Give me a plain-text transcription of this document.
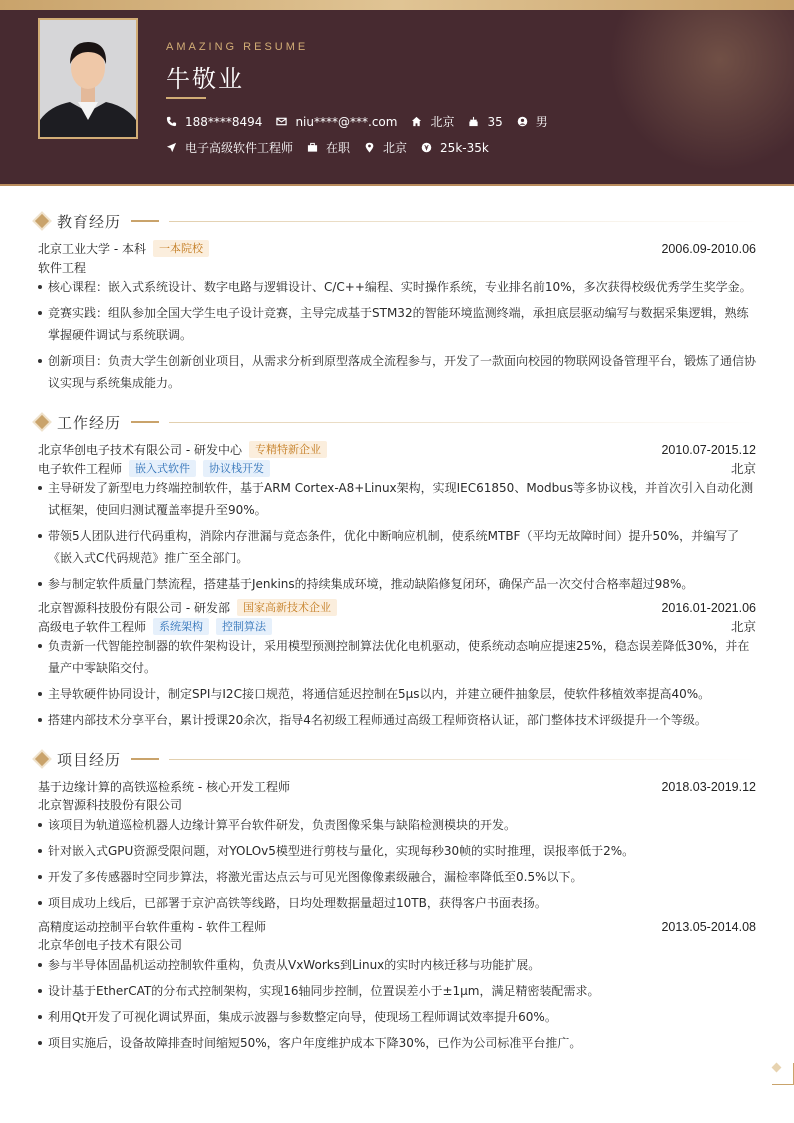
AMAZING RESUME
牛敬业
188****8494	niu****@***.com	北京	35	男
电子高级软件工程师	在职	北京	25k-35k
教育经历
北京工业大学 - 本科	一本院校	2006.09-2010.06
软件工程
核心课程：嵌入式系统设计、数字电路与逻辑设计、C/C++编程、实时操作系统，专业排名前10%，多次获得校级优秀学生奖学金。
竞赛实践：组队参加全国大学生电子设计竞赛，主导完成基于STM32的智能环境监测终端，承担底层驱动编写与数据采集逻辑，熟练掌握硬件调试与系统联调。
创新项目：负责大学生创新创业项目，从需求分析到原型落成全流程参与，开发了一款面向校园的物联网设备管理平台，锻炼了通信协议实现与系统集成能力。
工作经历
北京华创电子技术有限公司 - 研发中心	专精特新企业	2010.07-2015.12
电子软件工程师	嵌入式软件	协议栈开发	北京
主导研发了新型电力终端控制软件，基于ARM Cortex-A8+Linux架构，实现IEC61850、Modbus等多协议栈，并首次引入自动化测试框架，使回归测试覆盖率提升至90%。
带领5人团队进行代码重构，消除内存泄漏与竞态条件，优化中断响应机制，使系统MTBF（平均无故障时间）提升50%，并编写了《嵌入式C代码规范》推广至全部门。
参与制定软件质量门禁流程，搭建基于Jenkins的持续集成环境，推动缺陷修复闭环，确保产品一次交付合格率超过98%。
北京智源科技股份有限公司 - 研发部	国家高新技术企业	2016.01-2021.06
高级电子软件工程师	系统架构	控制算法	北京
负责新一代智能控制器的软件架构设计，采用模型预测控制算法优化电机驱动，使系统动态响应提速25%，稳态误差降低30%，并在量产中零缺陷交付。
主导软硬件协同设计，制定SPI与I2C接口规范，将通信延迟控制在5μs以内，并建立硬件抽象层，使软件移植效率提高40%。
搭建内部技术分享平台，累计授课20余次，指导4名初级工程师通过高级工程师资格认证，部门整体技术评级提升一个等级。
项目经历
基于边缘计算的高铁巡检系统 - 核心开发工程师	2018.03-2019.12
北京智源科技股份有限公司
该项目为轨道巡检机器人边缘计算平台软件研发，负责图像采集与缺陷检测模块的开发。
针对嵌入式GPU资源受限问题，对YOLOv5模型进行剪枝与量化，实现每秒30帧的实时推理，误报率低于2%。
开发了多传感器时空同步算法，将激光雷达点云与可见光图像像素级融合，漏检率降低至0.5%以下。
项目成功上线后，已部署于京沪高铁等线路，日均处理数据量超过10TB，获得客户书面表扬。
高精度运动控制平台软件重构 - 软件工程师	2013.05-2014.08
北京华创电子技术有限公司
参与半导体固晶机运动控制软件重构，负责从VxWorks到Linux的实时内核迁移与功能扩展。
设计基于EtherCAT的分布式控制架构，实现16轴同步控制，位置误差小于±1μm，满足精密装配需求。
利用Qt开发了可视化调试界面，集成示波器与参数整定向导，使现场工程师调试效率提升60%。
项目实施后，设备故障排查时间缩短50%，客户年度维护成本下降30%，已作为公司标准平台推广。
